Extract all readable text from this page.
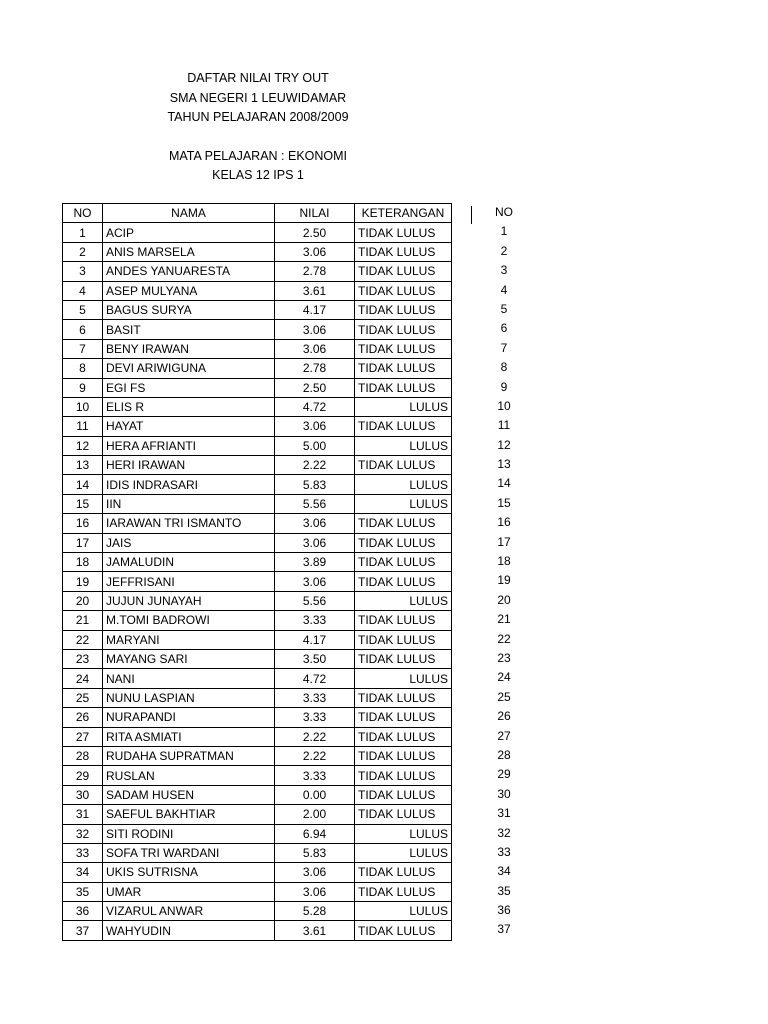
DAFTAR NILAI TRY OUT
SMA NEGERI 1 LEUWIDAMAR
TAHUN PELAJARAN 2008/2009
MATA PELAJARAN : EKONOMI
KELAS 12 IPS 1
NO	NAMA	NILAI	KETERANGAN
1	ACIP	2.50	TIDAK LULUS
2	ANIS MARSELA	3.06	TIDAK LULUS
3	ANDES YANUARESTA	2.78	TIDAK LULUS
4	ASEP MULYANA	3.61	TIDAK LULUS
5	BAGUS SURYA	4.17	TIDAK LULUS
6	BASIT	3.06	TIDAK LULUS
7	BENY IRAWAN	3.06	TIDAK LULUS
8	DEVI ARIWIGUNA	2.78	TIDAK LULUS
9	EGI FS	2.50	TIDAK LULUS
10	ELIS R	4.72	LULUS
11	HAYAT	3.06	TIDAK LULUS
12	HERA AFRIANTI	5.00	LULUS
13	HERI IRAWAN	2.22	TIDAK LULUS
14	IDIS INDRASARI	5.83	LULUS
15	IIN	5.56	LULUS
16	IARAWAN TRI ISMANTO	3.06	TIDAK LULUS
17	JAIS	3.06	TIDAK LULUS
18	JAMALUDIN	3.89	TIDAK LULUS
19	JEFFRISANI	3.06	TIDAK LULUS
20	JUJUN JUNAYAH	5.56	LULUS
21	M.TOMI BADROWI	3.33	TIDAK LULUS
22	MARYANI	4.17	TIDAK LULUS
23	MAYANG SARI	3.50	TIDAK LULUS
24	NANI	4.72	LULUS
25	NUNU LASPIAN	3.33	TIDAK LULUS
26	NURAPANDI	3.33	TIDAK LULUS
27	RITA ASMIATI	2.22	TIDAK LULUS
28	RUDAHA SUPRATMAN	2.22	TIDAK LULUS
29	RUSLAN	3.33	TIDAK LULUS
30	SADAM HUSEN	0.00	TIDAK LULUS
31	SAEFUL BAKHTIAR	2.00	TIDAK LULUS
32	SITI RODINI	6.94	LULUS
33	SOFA TRI WARDANI	5.83	LULUS
34	UKIS SUTRISNA	3.06	TIDAK LULUS
35	UMAR	3.06	TIDAK LULUS
36	VIZARUL ANWAR	5.28	LULUS
37	WAHYUDIN	3.61	TIDAK LULUS
NO
1
2
3
4
5
6
7
8
9
10
11
12
13
14
15
16
17
18
19
20
21
22
23
24
25
26
27
28
29
30
31
32
33
34
35
36
37
